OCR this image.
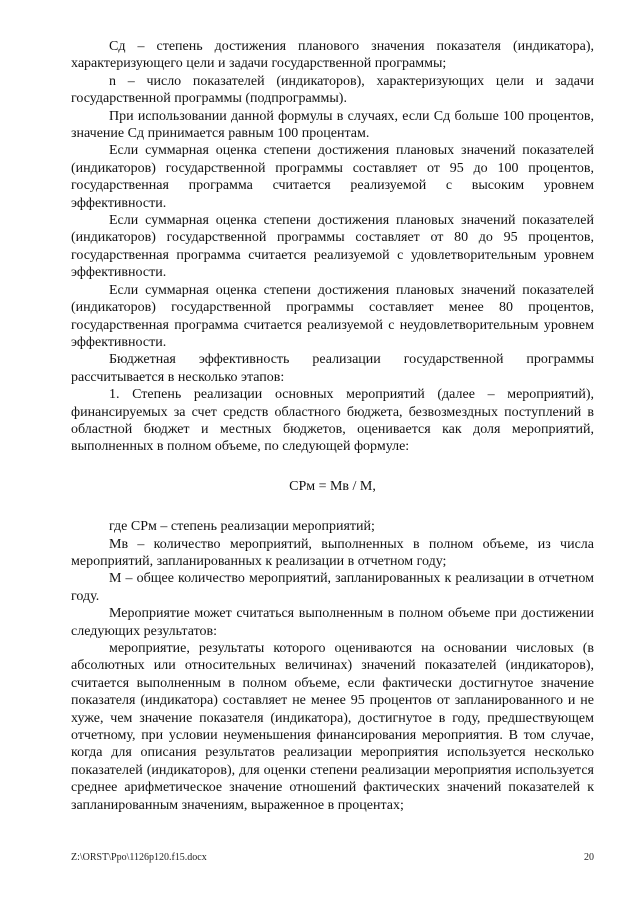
Сд – степень достижения планового значения показателя (индикатора), характеризующего цели и задачи государственной программы;

n – число показателей (индикаторов), характеризующих цели и задачи государственной программы (подпрограммы).

При использовании данной формулы в случаях, если Сд больше 100 процентов, значение Сд принимается равным 100 процентам.

Если суммарная оценка степени достижения плановых значений показателей (индикаторов) государственной программы составляет от 95 до 100 процентов, государственная программа считается реализуемой с высоким уровнем эффективности.

Если суммарная оценка степени достижения плановых значений показателей (индикаторов) государственной программы составляет от 80 до 95 процентов, государственная программа считается реализуемой с удовлетворительным уровнем эффективности.

Если суммарная оценка степени достижения плановых значений показателей (индикаторов) государственной программы составляет менее 80 процентов, государственная программа считается реализуемой с неудовлетворительным уровнем эффективности.

Бюджетная эффективность реализации государственной программы рассчитывается в несколько этапов:

1. Степень реализации основных мероприятий (далее – мероприятий), финансируемых за счет средств областного бюджета, безвозмездных поступлений в областной бюджет и местных бюджетов, оценивается как доля мероприятий, выполненных в полном объеме, по следующей формуле:

СРм = Мв / М,

где СРм – степень реализации мероприятий;

Мв – количество мероприятий, выполненных в полном объеме, из числа мероприятий, запланированных к реализации в отчетном году;

М – общее количество мероприятий, запланированных к реализации в отчетном году.

Мероприятие может считаться выполненным в полном объеме при достижении следующих результатов:

мероприятие, результаты которого оцениваются на основании числовых (в абсолютных или относительных величинах) значений показателей (индикаторов), считается выполненным в полном объеме, если фактически достигнутое значение показателя (индикатора) составляет не менее 95 процентов от запланированного и не хуже, чем значение показателя (индикатора), достигнутое в году, предшествующем отчетному, при условии неуменьшения финансирования мероприятия. В том случае, когда для описания результатов реализации мероприятия используется несколько показателей (индикаторов), для оценки степени реализации мероприятия используется среднее арифметическое значение отношений фактических значений показателей к запланированным значениям, выраженное в процентах;

Z:\ORST\Ppo\1126p120.f15.docx	20
